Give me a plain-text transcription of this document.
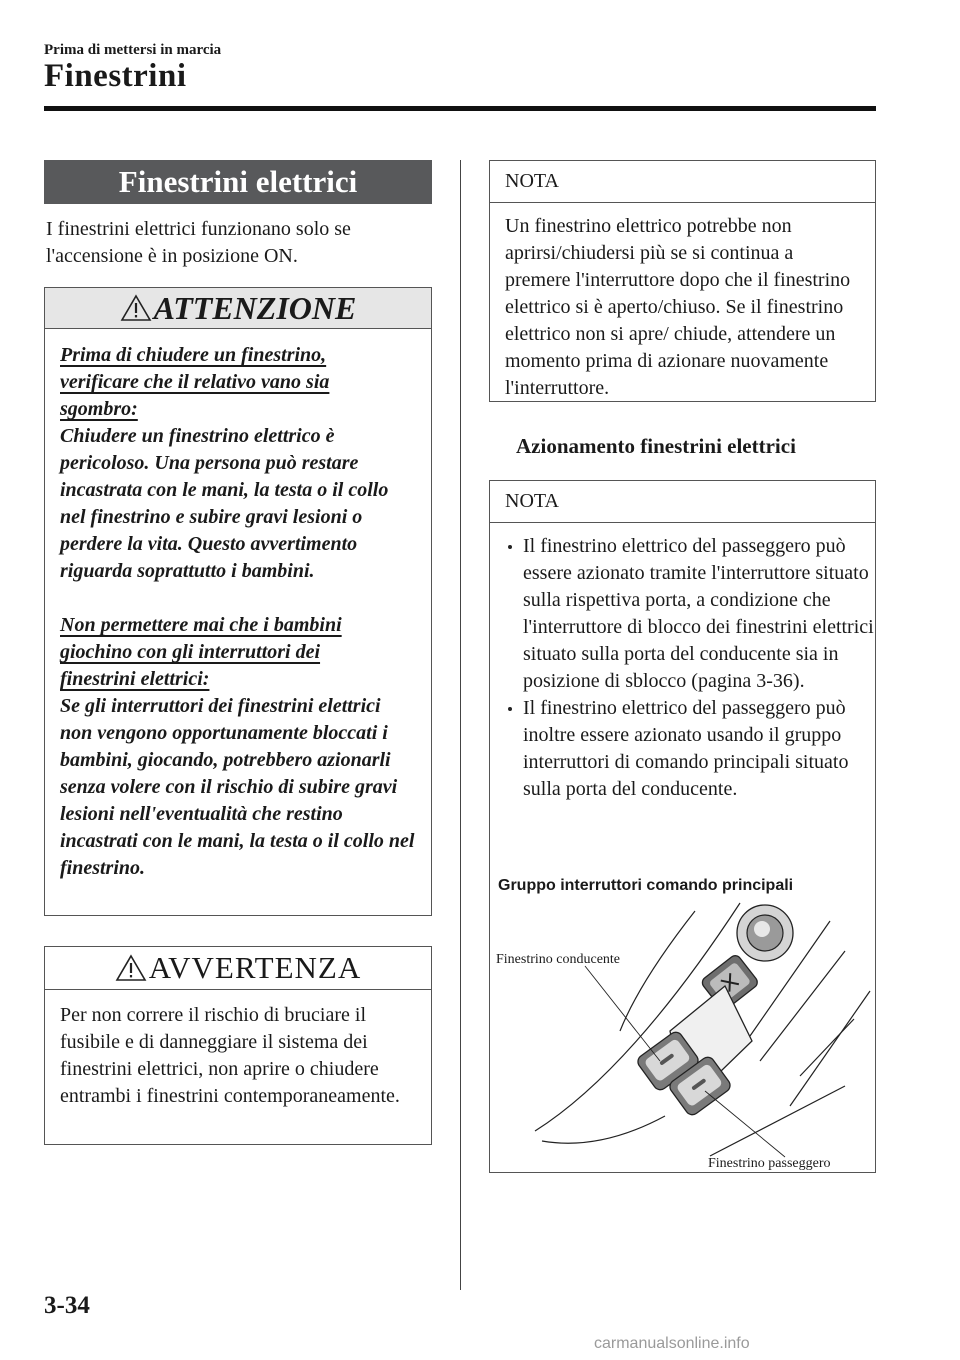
Prima di mettersi in marcia
Finestrini
Finestrini elettrici
I finestrini elettrici funzionano solo se l'accensione è in posizione ON.
ATTENZIONE
Prima di chiudere un finestrino,
verificare che il relativo vano sia
sgombro:
Chiudere un finestrino elettrico è pericoloso. Una persona può restare incastrata con le mani, la testa o il collo nel finestrino e subire gravi lesioni o perdere la vita. Questo avvertimento riguarda soprattutto i bambini.
Non permettere mai che i bambini
giochino con gli interruttori dei
finestrini elettrici:
Se gli interruttori dei finestrini elettrici non vengono opportunamente bloccati i bambini, giocando, potrebbero azionarli senza volere con il rischio di subire gravi lesioni nell'eventualità che restino incastrati con le mani, la testa o il collo nel finestrino.
AVVERTENZA
Per non correre il rischio di bruciare il fusibile e di danneggiare il sistema dei finestrini elettrici, non aprire o chiudere entrambi i finestrini contemporaneamente.
NOTA
Un finestrino elettrico potrebbe non aprirsi/chiudersi più se si continua a premere l'interruttore dopo che il finestrino elettrico si è aperto/chiuso. Se il finestrino elettrico non si apre/ chiude, attendere un momento prima di azionare nuovamente l'interruttore.
Azionamento finestrini elettrici
NOTA
Il finestrino elettrico del passeggero può essere azionato tramite l'interruttore situato sulla rispettiva porta, a condizione che l'interruttore di blocco dei finestrini elettrici situato sulla porta del conducente sia in posizione di sblocco (pagina 3-36).
Il finestrino elettrico del passeggero può inoltre essere azionato usando il gruppo interruttori di comando principali situato sulla porta del conducente.
Gruppo interruttori comando principali
Finestrino conducente
Finestrino passeggero
3-34
carmanualsonline.info
